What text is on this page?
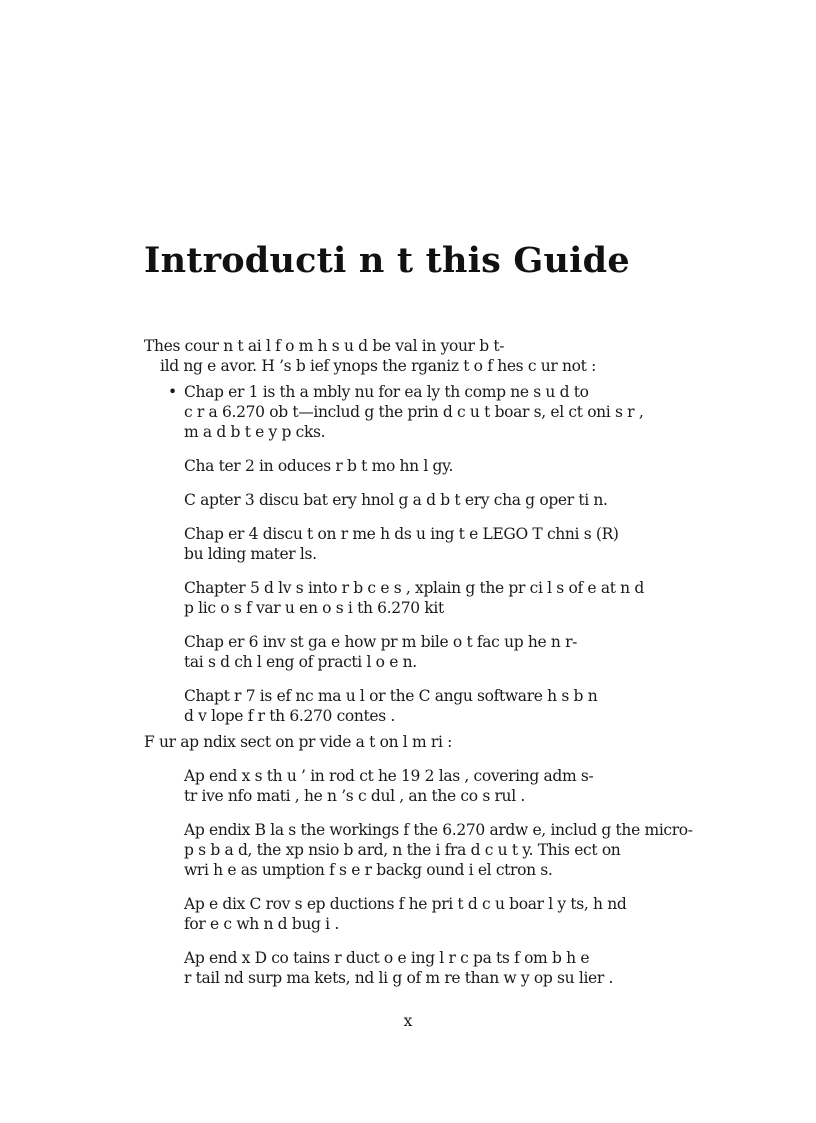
Introducti n t this Guide

Thes cour n t ai l f o m h s u d be val in your b t-
ild ng e avor. H ’s b ief ynops the rganiz t o f hes c ur not :

• Chap er 1 is th a mbly nu for ea ly th comp ne s u d to
c r a 6.270 ob t—includ g the prin d c u t boar s, el ct oni s r ,
m a d b t e y p cks.
Cha ter 2 in oduces r b t mo hn l gy.
C apter 3 discu bat ery hnol g a d b t ery cha g oper ti n.
Chap er 4 discu t on r me h ds u ing t e LEGO T chni s (R)
bu lding mater ls.
Chapter 5 d lv s into r b c e s , xplain g the pr ci l s of e at n d
p lic o s f var u en o s i th 6.270 kit
Chap er 6 inv st ga e how pr m bile o t fac up he n r-
tai s d ch l eng of practi l o e n.
Chapt r 7 is ef nc ma u l or the C angu software h s b n
d v lope f r th 6.270 contes .

F ur ap ndix sect on pr vide a t on l m ri :

Ap end x s th u ’ in rod ct he 19 2 las , covering adm s-
tr ive nfo mati , he n ’s c dul , an the co s rul .
Ap endix B la s the workings f the 6.270 ardw e, includ g the micro-
p s b a d, the xp nsio b ard, n the i fra d c u t y. This ect on
wri h e as umption f s e r backg ound i el ctron s.
Ap e dix C rov s ep ductions f he pri t d c u boar l y ts, h nd
for e c wh n d bug i .
Ap end x D co tains r duct o e ing l r c pa ts f om b h e
r tail nd surp ma kets, nd li g of m re than w y op su lier .
x
